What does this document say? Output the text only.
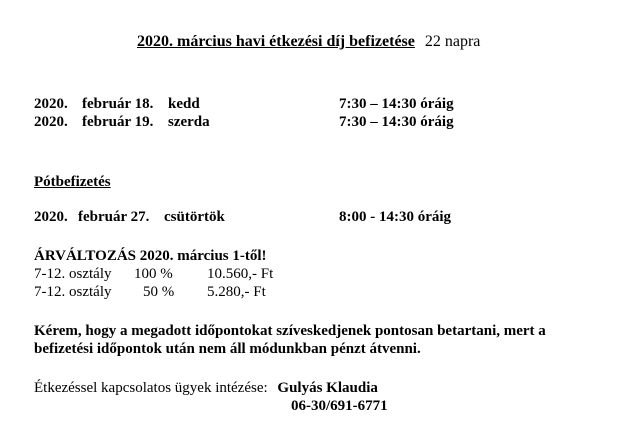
2020. március havi étkezési díj befizetése 22 napra
2020. február 18. kedd	7:30 – 14:30 óráig
2020. február 19. szerda	7:30 – 14:30 óráig
Pótbefizetés
2020. február 27. csütörtök	8:00 - 14:30 óráig
ÁRVÁLTOZÁS 2020. március 1-től!
7-12. osztály 100 % 10.560,- Ft
7-12. osztály 50 % 5.280,- Ft
Kérem, hogy a megadott időpontokat szíveskedjenek pontosan betartani, mert a
befizetési időpontok után nem áll módunkban pénzt átvenni.
Étkezéssel kapcsolatos ügyek intézése: Gulyás Klaudia
06-30/691-6771
